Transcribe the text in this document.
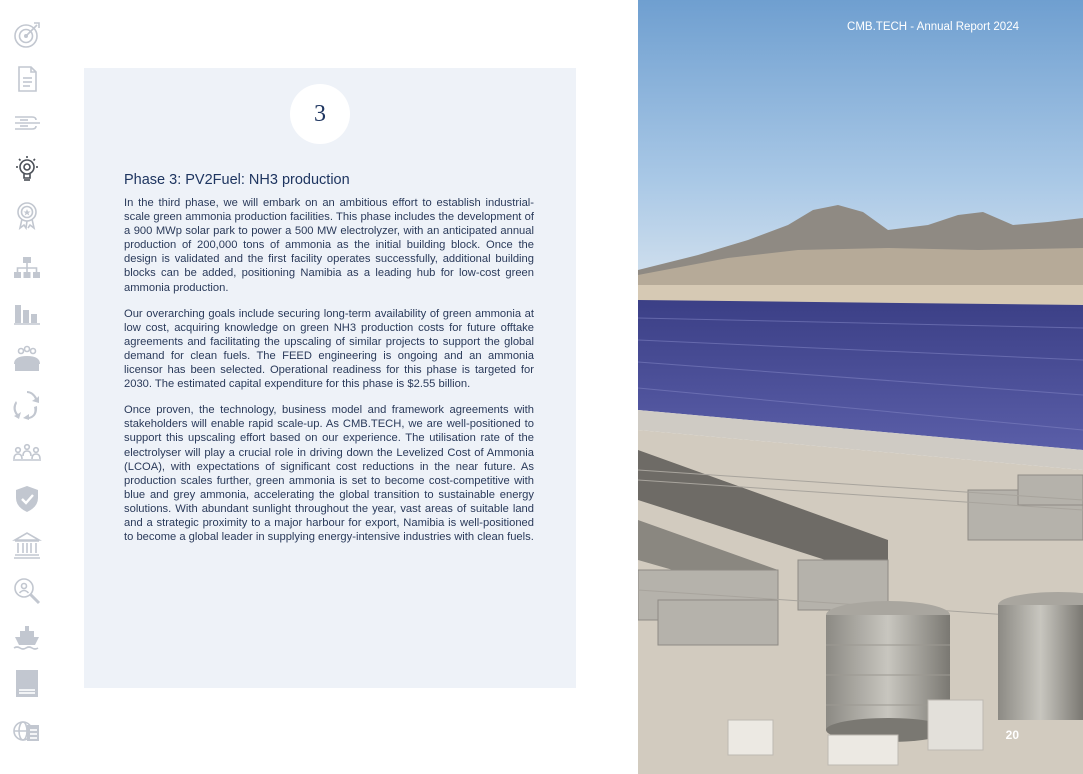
A-Z
3
Phase 3: PV2Fuel: NH3 production

In the third phase, we will embark on an ambitious effort to establish industrial-scale green ammonia production facilities. This phase includes the development of a 900 MWp solar park to power a 500 MW electrolyzer, with an anticipated annual production of 200,000 tons of ammonia as the initial building block. Once the design is validated and the first facility operates successfully, additional building blocks can be added, positioning Namibia as a leading hub for low-cost green ammonia production.

Our overarching goals include securing long-term availability of green ammonia at low cost, acquiring knowledge on green NH3 production costs for future offtake agreements and facilitating the upscaling of similar projects to support the global demand for clean fuels. The FEED engineering is ongoing and an ammonia licensor has been selected. Operational readiness for this phase is targeted for 2030. The estimated capital expenditure for this phase is $2.55 billion.

Once proven, the technology, business model and framework agreements with stakeholders will enable rapid scale-up. As CMB.TECH, we are well-positioned to support this upscaling effort based on our experience. The utilisation rate of the electrolyser will play a crucial role in driving down the Levelized Cost of Ammonia (LCOA), with expectations of significant cost reductions in the near future. As production scales further, green ammonia is set to become cost-competitive with blue and grey ammonia, accelerating the global transition to sustainable energy solutions. With abundant sunlight throughout the year, vast areas of suitable land and a strategic proximity to a major harbour for export, Namibia is well-positioned to become a global leader in supplying energy-intensive industries with clean fuels.

CMB.TECH - Annual Report 2024
20
